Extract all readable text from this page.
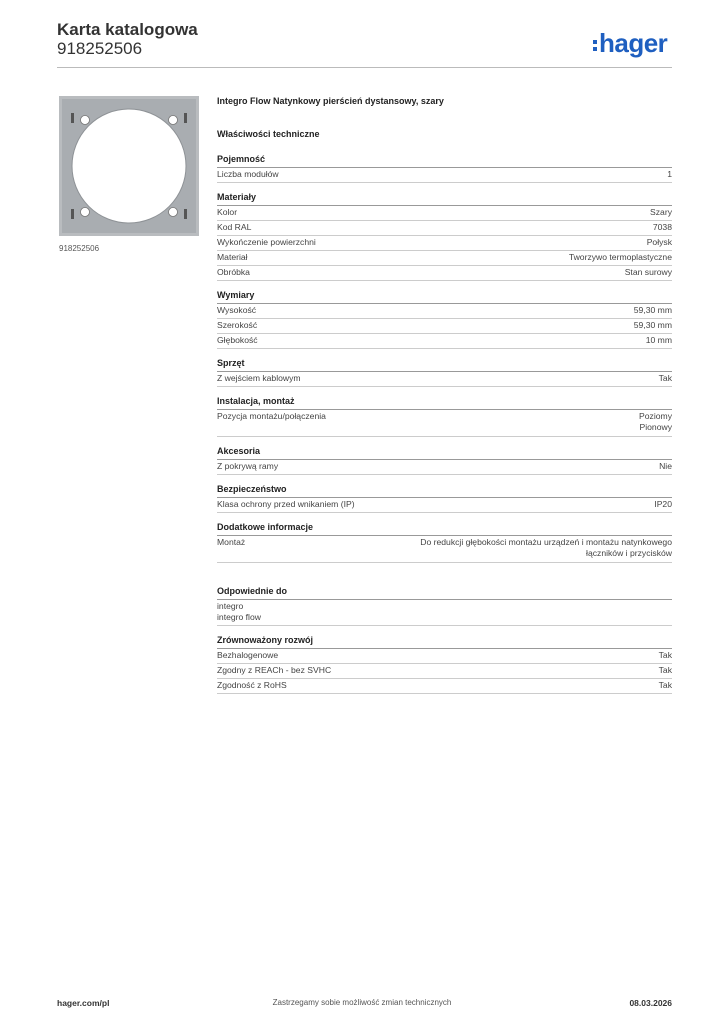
Karta katalogowa
918252506	hager
918252506
Integro Flow Natynkowy pierścień dystansowy, szary
Właściwości techniczne
Pojemność
Liczba modułów	1
Materiały
Kolor	Szary
Kod RAL	7038
Wykończenie powierzchni	Połysk
Materiał	Tworzywo termoplastyczne
Obróbka	Stan surowy
Wymiary
Wysokość	59,30 mm
Szerokość	59,30 mm
Głębokość	10 mm
Sprzęt
Z wejściem kablowym	Tak
Instalacja, montaż
Pozycja montażu/połączenia	Poziomy
Pionowy
Akcesoria
Z pokrywą ramy	Nie
Bezpieczeństwo
Klasa ochrony przed wnikaniem (IP)	IP20
Dodatkowe informacje
Montaż	Do redukcji głębokości montażu urządzeń i montażu natynkowego
łączników i przycisków
Odpowiednie do
integro
integro flow
Zrównoważony rozwój
Bezhalogenowe	Tak
Zgodny z REACh - bez SVHC	Tak
Zgodność z RoHS	Tak
hager.com/pl	Zastrzegamy sobie możliwość zmian technicznych	08.03.2026
